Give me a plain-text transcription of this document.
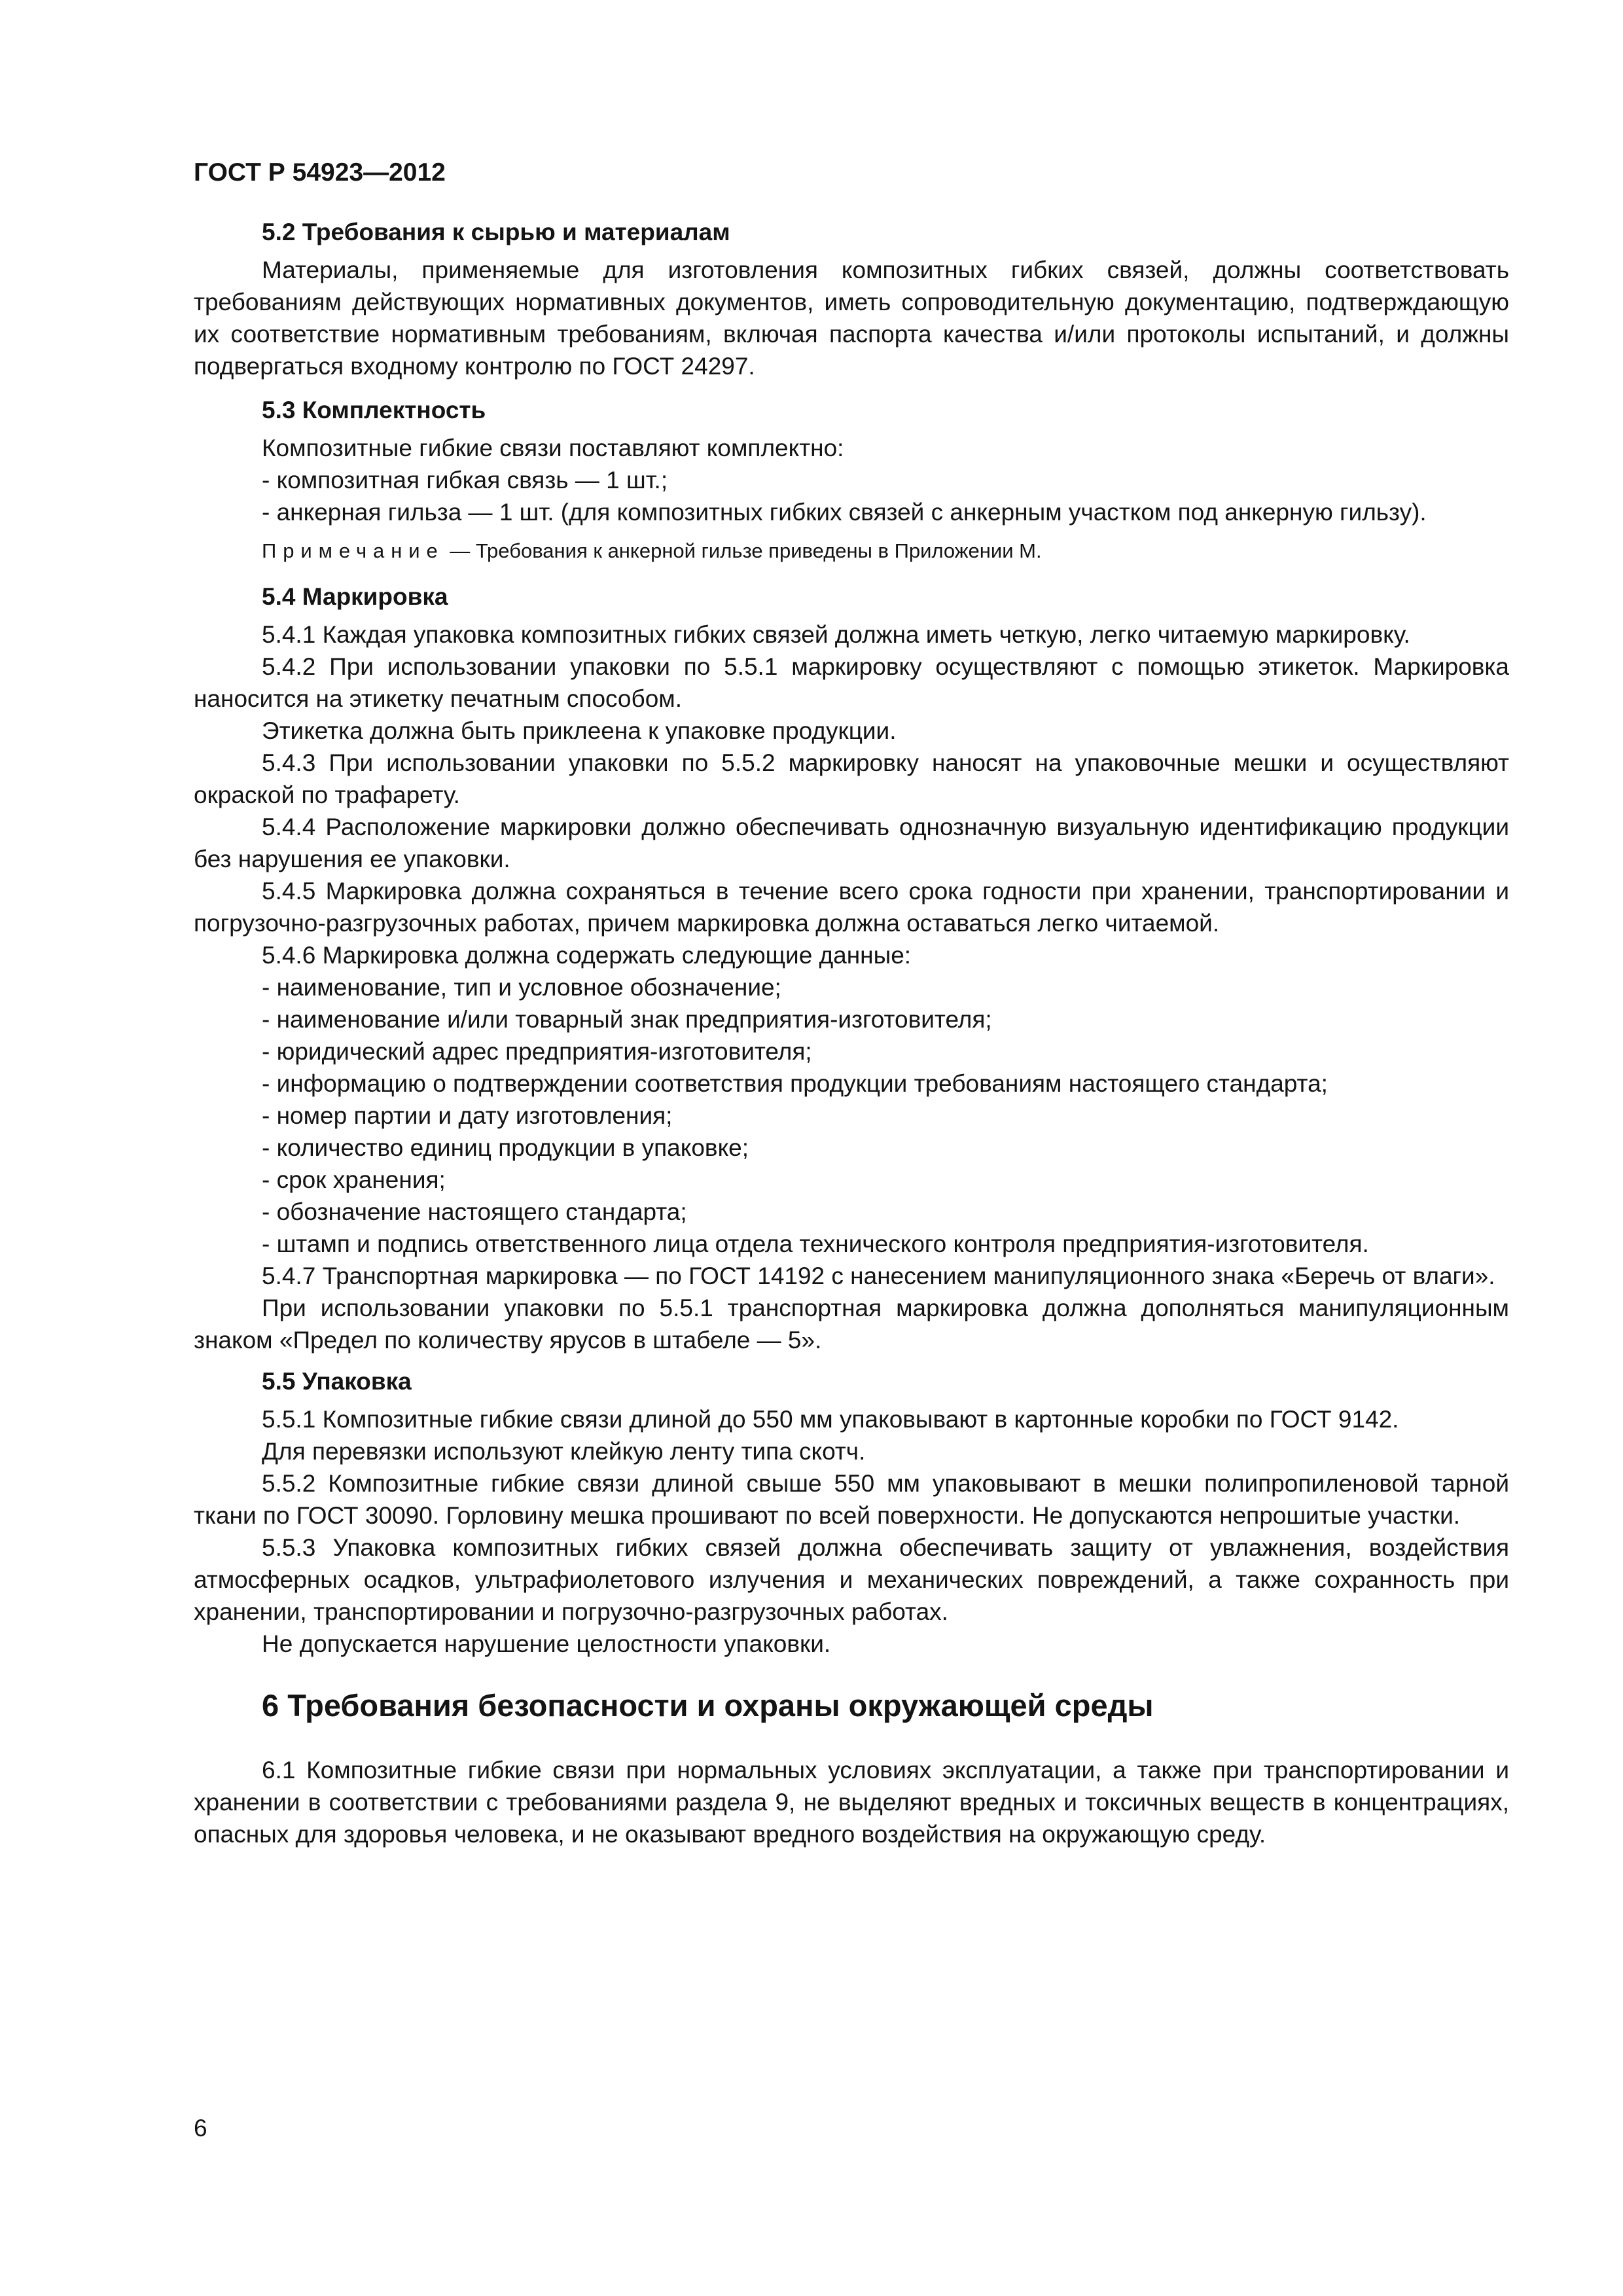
ГОСТ Р 54923—2012
5.2 Требования к сырью и материалам

Материалы, применяемые для изготовления композитных гибких связей, должны соответствовать требованиям действующих нормативных документов, иметь сопроводительную документацию, подтверждающую их соответствие нормативным требованиям, включая паспорта качества и/или протоколы испытаний, и должны подвергаться входному контролю по ГОСТ 24297.

5.3 Комплектность

Композитные гибкие связи поставляют комплектно:

- композитная гибкая связь — 1 шт.;

- анкерная гильза — 1 шт. (для композитных гибких связей с анкерным участком под анкерную гильзу).

Примечание — Требования к анкерной гильзе приведены в Приложении М.

5.4 Маркировка

5.4.1 Каждая упаковка композитных гибких связей должна иметь четкую, легко читаемую маркировку.

5.4.2 При использовании упаковки по 5.5.1 маркировку осуществляют с помощью этикеток. Маркировка наносится на этикетку печатным способом.

Этикетка должна быть приклеена к упаковке продукции.

5.4.3 При использовании упаковки по 5.5.2 маркировку наносят на упаковочные мешки и осуществляют окраской по трафарету.

5.4.4 Расположение маркировки должно обеспечивать однозначную визуальную идентификацию продукции без нарушения ее упаковки.

5.4.5 Маркировка должна сохраняться в течение всего срока годности при хранении, транспортировании и погрузочно-разгрузочных работах, причем маркировка должна оставаться легко читаемой.

5.4.6 Маркировка должна содержать следующие данные:

- наименование, тип и условное обозначение;

- наименование и/или товарный знак предприятия-изготовителя;

- юридический адрес предприятия-изготовителя;

- информацию о подтверждении соответствия продукции требованиям настоящего стандарта;

- номер партии и дату изготовления;

- количество единиц продукции в упаковке;

- срок хранения;

- обозначение настоящего стандарта;

- штамп и подпись ответственного лица отдела технического контроля предприятия-изготовителя.

5.4.7 Транспортная маркировка — по ГОСТ 14192 с нанесением манипуляционного знака «Беречь от влаги».

При использовании упаковки по 5.5.1 транспортная маркировка должна дополняться манипуляционным знаком «Предел по количеству ярусов в штабеле — 5».

5.5 Упаковка

5.5.1 Композитные гибкие связи длиной до 550 мм упаковывают в картонные коробки по ГОСТ 9142.

Для перевязки используют клейкую ленту типа скотч.

5.5.2 Композитные гибкие связи длиной свыше 550 мм упаковывают в мешки полипропиленовой тарной ткани по ГОСТ 30090. Горловину мешка прошивают по всей поверхности. Не допускаются непрошитые участки.

5.5.3 Упаковка композитных гибких связей должна обеспечивать защиту от увлажнения, воздействия атмосферных осадков, ультрафиолетового излучения и механических повреждений, а также сохранность при хранении, транспортировании и погрузочно-разгрузочных работах.

Не допускается нарушение целостности упаковки.

6 Требования безопасности и охраны окружающей среды

6.1 Композитные гибкие связи при нормальных условиях эксплуатации, а также при транспортировании и хранении в соответствии с требованиями раздела 9, не выделяют вредных и токсичных веществ в концентрациях, опасных для здоровья человека, и не оказывают вредного воздействия на окружающую среду.

6
